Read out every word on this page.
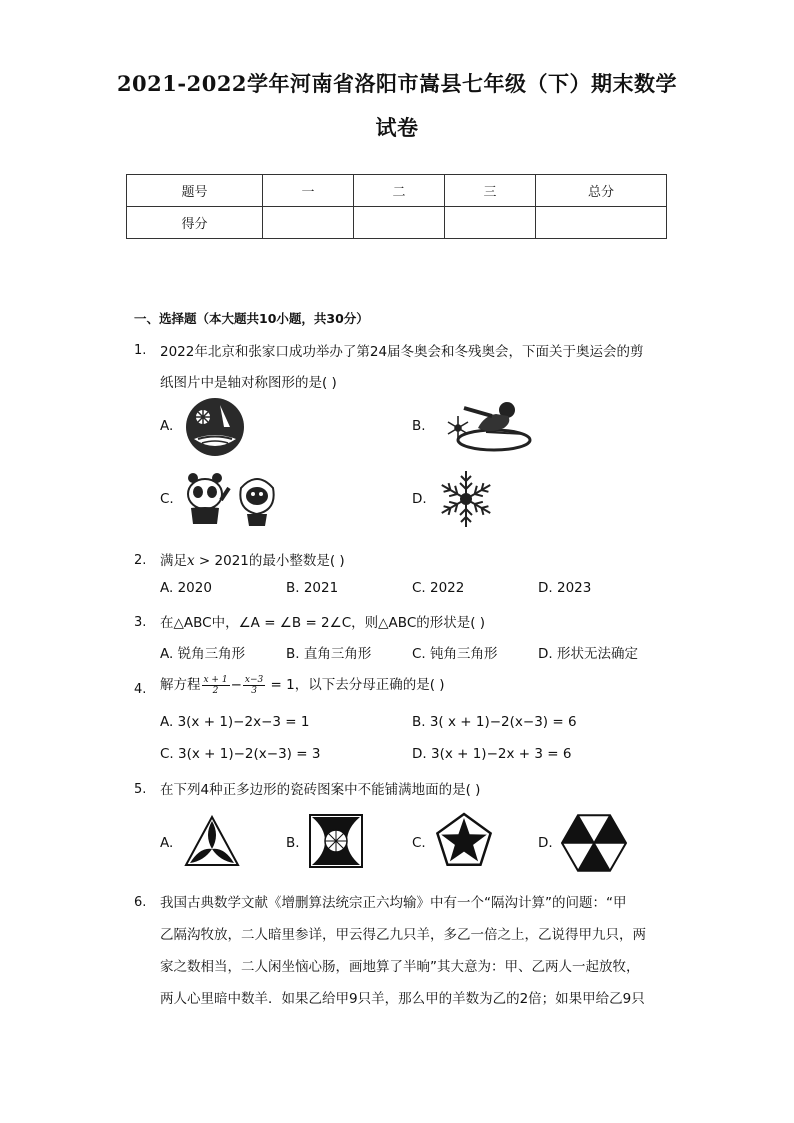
2021-2022学年河南省洛阳市嵩县七年级（下）期末数学
试卷
题号	一	二	三	总分
得分				
一、选择题（本大题共10小题，共30分）
1. 2022年北京和张家口成功举办了第24届冬奥会和冬残奥会，下面关于奥运会的剪
纸图片中是轴对称图形的是( )
A.	B.
C.	D.
2. 满足x > 2021的最小整数是( )
A. 2020	B. 2021	C. 2022	D. 2023
3. 在△ABC中，∠A = ∠B = 2∠C，则△ABC的形状是( )
A. 锐角三角形	B. 直角三角形	C. 钝角三角形	D. 形状无法确定
4. 解方程 $\frac{x + 1}{2} - \frac{x-3}{3} = 1$，以下去分母正确的是( )
A. 3(x + 1)−2x−3 = 1	B. 3( x + 1)−2(x−3) = 6
C. 3(x + 1)−2(x−3) = 3	D. 3(x + 1)−2x + 3 = 6
5. 在下列4种正多边形的瓷砖图案中不能铺满地面的是( )
A.	B.	C.	D.
6. 我国古典数学文献《增删算法统宗正六均输》中有一个“隔沟计算”的问题：“甲
乙隔沟牧放，二人暗里参详，甲云得乙九只羊，多乙一倍之上，乙说得甲九只，两
家之数相当，二人闲坐恼心肠，画地算了半晌”其大意为：甲、乙两人一起放牧，
两人心里暗中数羊．如果乙给甲9只羊，那么甲的羊数为乙的2倍；如果甲给乙9只
